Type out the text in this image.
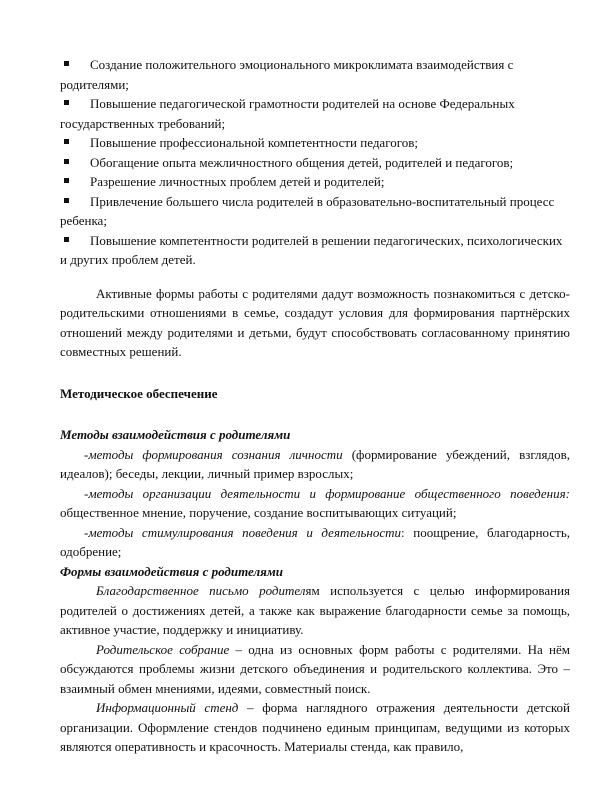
Создание положительного эмоционального микроклимата взаимодействия с родителями;
Повышение педагогической грамотности родителей на основе Федеральных государственных требований;
Повышение профессиональной компетентности педагогов;
Обогащение опыта межличностного общения детей, родителей и педагогов;
Разрешение личностных проблем детей и родителей;
Привлечение большего числа родителей в образовательно-воспитательный процесс ребенка;
Повышение компетентности родителей в решении педагогических, психологических и других проблем детей.

Активные формы работы с родителями дадут возможность познакомиться с детско-родительскими отношениями в семье, создадут условия для формирования партнёрских отношений между родителями и детьми, будут способствовать согласованному принятию совместных решений.

Методическое обеспечение

Методы взаимодействия с родителями

-методы формирования сознания личности (формирование убеждений, взглядов, идеалов); беседы, лекции, личный пример взрослых;

-методы организации деятельности и формирование общественного поведения: общественное мнение, поручение, создание воспитывающих ситуаций;

-методы стимулирования поведения и деятельности: поощрение, благодарность, одобрение;

Формы взаимодействия с родителями

Благодарственное письмо родителям используется с целью информирования родителей о достижениях детей, а также как выражение благодарности семье за помощь, активное участие, поддержку и инициативу.

Родительское собрание – одна из основных форм работы с родителями. На нём обсуждаются проблемы жизни детского объединения и родительского коллектива. Это – взаимный обмен мнениями, идеями, совместный поиск.

Информационный стенд – форма наглядного отражения деятельности детской организации. Оформление стендов подчинено единым принципам, ведущими из которых являются оперативность и красочность. Материалы стенда, как правило,
